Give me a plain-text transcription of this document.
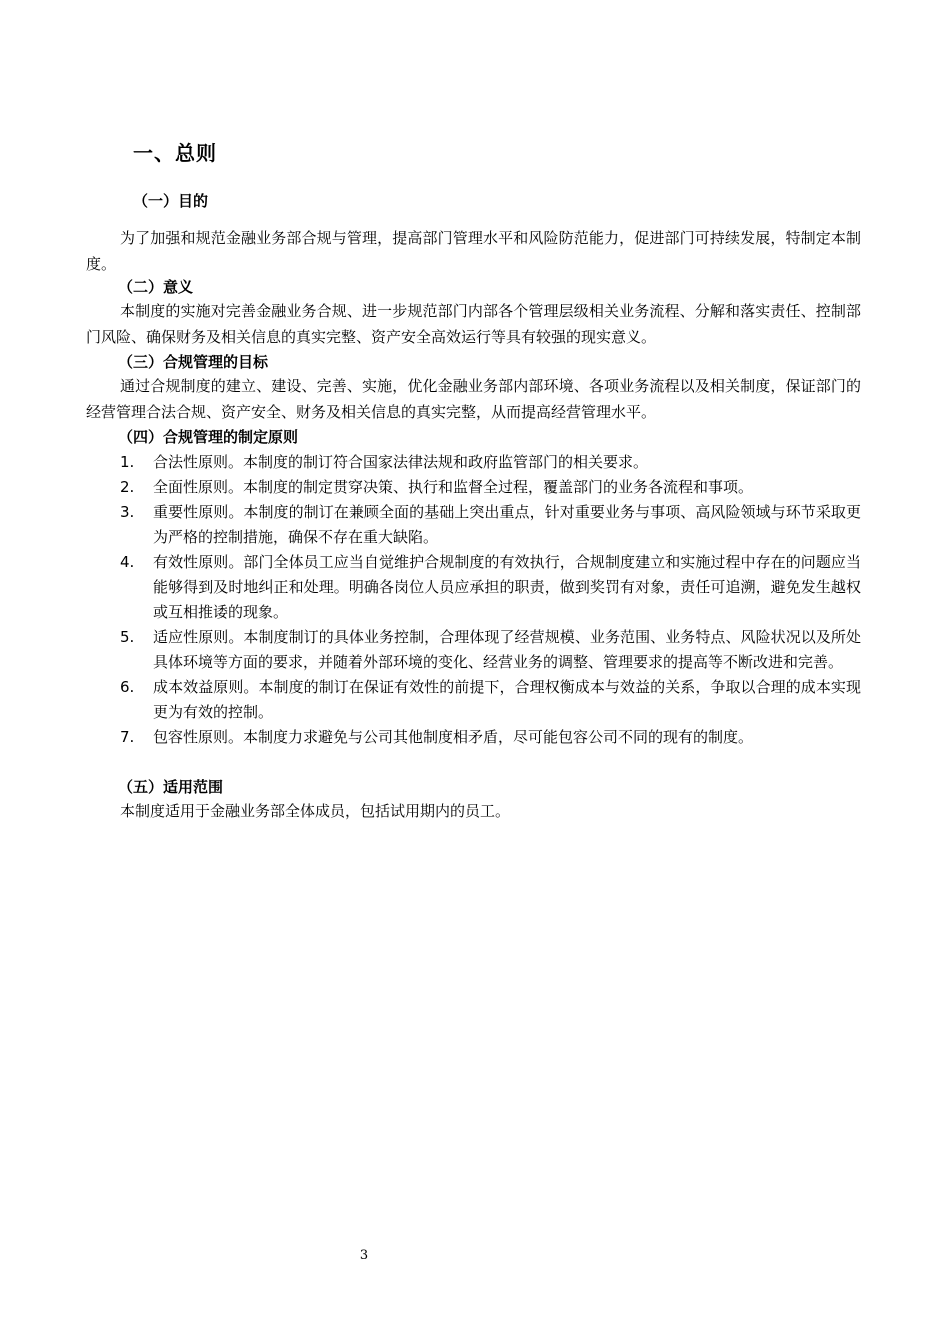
一、总则
（一）目的
为了加强和规范金融业务部合规与管理，提高部门管理水平和风险防范能力，促进部门可持续发展，特制定本制度。
（二）意义
本制度的实施对完善金融业务合规、进一步规范部门内部各个管理层级相关业务流程、分解和落实责任、控制部门风险、确保财务及相关信息的真实完整、资产安全高效运行等具有较强的现实意义。
（三）合规管理的目标
通过合规制度的建立、建设、完善、实施，优化金融业务部内部环境、各项业务流程以及相关制度，保证部门的经营管理合法合规、资产安全、财务及相关信息的真实完整，从而提高经营管理水平。
（四）合规管理的制定原则
1.	合法性原则。本制度的制订符合国家法律法规和政府监管部门的相关要求。
2.	全面性原则。本制度的制定贯穿决策、执行和监督全过程，覆盖部门的业务各流程和事项。
3.	重要性原则。本制度的制订在兼顾全面的基础上突出重点，针对重要业务与事项、高风险领域与环节采取更为严格的控制措施，确保不存在重大缺陷。
4.	有效性原则。部门全体员工应当自觉维护合规制度的有效执行，合规制度建立和实施过程中存在的问题应当能够得到及时地纠正和处理。明确各岗位人员应承担的职责，做到奖罚有对象，责任可追溯，避免发生越权或互相推诿的现象。
5.	适应性原则。本制度制订的具体业务控制，合理体现了经营规模、业务范围、业务特点、风险状况以及所处具体环境等方面的要求，并随着外部环境的变化、经营业务的调整、管理要求的提高等不断改进和完善。
6.	成本效益原则。本制度的制订在保证有效性的前提下，合理权衡成本与效益的关系，争取以合理的成本实现更为有效的控制。
7.	包容性原则。本制度力求避免与公司其他制度相矛盾，尽可能包容公司不同的现有的制度。
（五）适用范围
本制度适用于金融业务部全体成员，包括试用期内的员工。
3
